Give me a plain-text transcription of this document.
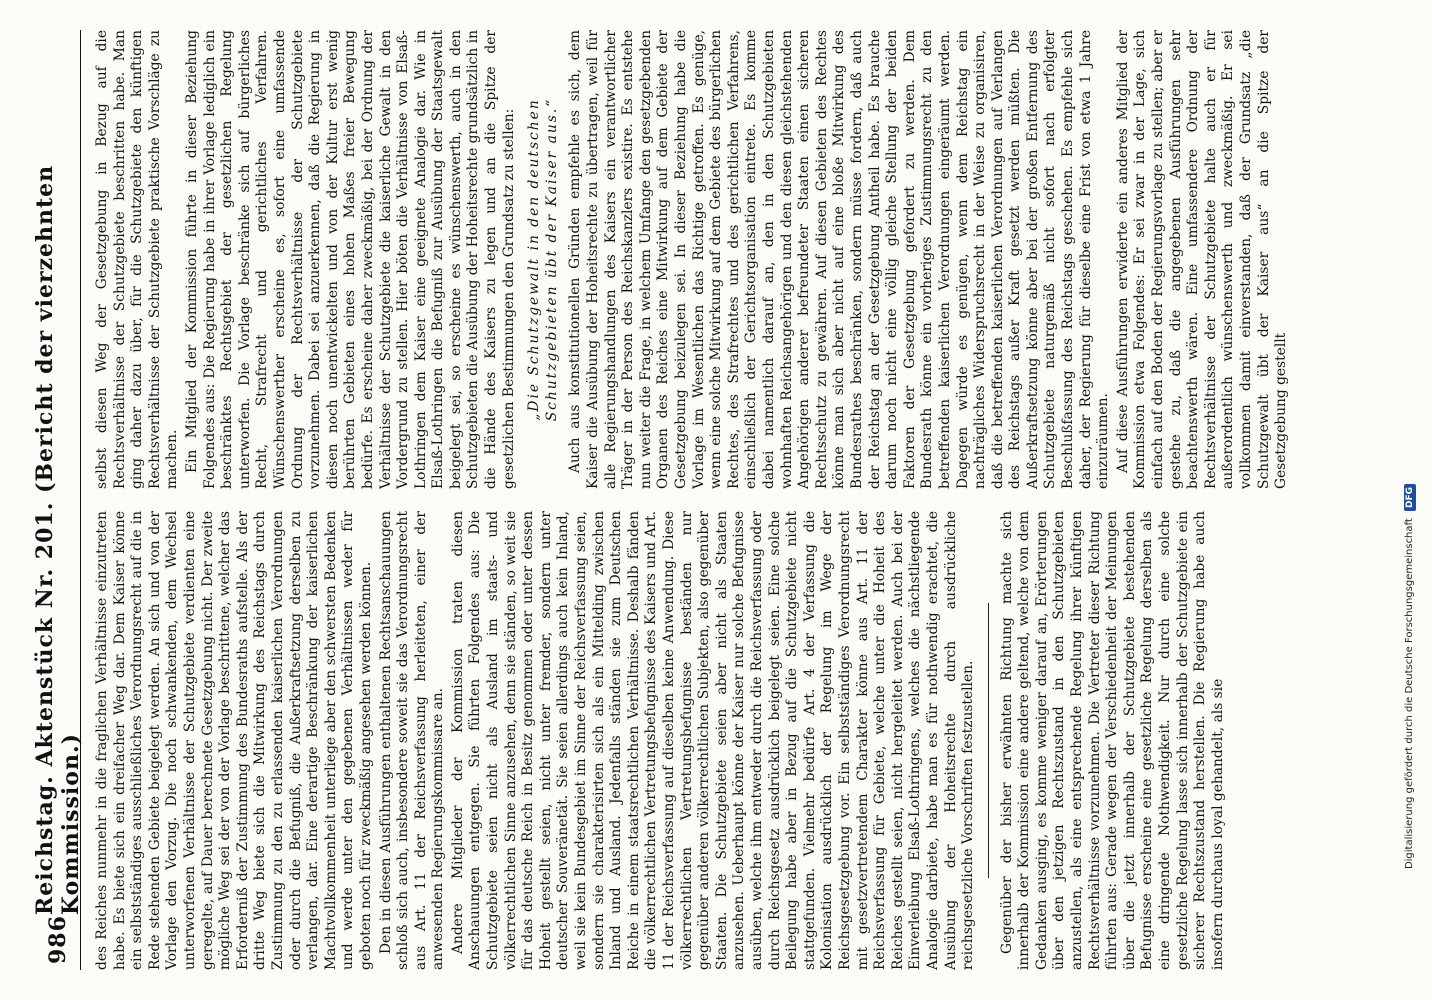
986
Reichstag. Aktenstück Nr. 201. (Bericht der vierzehnten Kommission.) des Reiches nunmehr in die fraglichen Verhältnisse einzutreten habe. Es biete sich ein dreifacher Weg dar. Dem Kaiser könne ein selbstständiges ausschließliches Verordnungsrecht auf die in Rede stehenden Gebiete beigelegt werden. An sich und von der Vorlage den Vorzug. Die noch schwankenden, dem Wechsel unterworfenen Verhältnisse der Schutzgebiete verdienten eine geregelte, auf Dauer berechnete Gesetzgebung nicht. Der zweite mögliche Weg sei der von der Vorlage beschrittene, welcher das Erforderniß der Zustimmung des Bundesraths aufstelle. Als der dritte Weg biete sich die Mitwirkung des Reichstags durch Zustimmung zu den zu erlassenden kaiserlichen Verordnungen oder durch die Befugniß, die Außerkraftsetzung derselben zu verlangen, dar. Eine derartige Beschränkung der kaiserlichen Machtvollkommenheit unterliege aber den schwersten Bedenken und werde unter den gegebenen Verhältnissen weder für geboten noch für zweckmäßig angesehen werden können. Den in diesen Ausführungen enthaltenen Rechtsanschauungen schloß sich auch, insbesondere soweit sie das Verordnungsrecht aus Art. 11 der Reichsverfassung herleiteten, einer der anwesenden Regierungskommissare an. Andere Mitglieder der Kommission traten diesen Anschauungen entgegen. Sie führten Folgendes aus: Die Schutzgebiete seien nicht als Ausland im staats- und völkerrechtlichen Sinne anzusehen, denn sie ständen, so weit sie für das deutsche Reich in Besitz genommen oder unter dessen Hoheit gestellt seien, nicht unter fremder, sondern unter deutscher Souveränetät. Sie seien allerdings auch kein Inland, weil sie kein Bundesgebiet im Sinne der Reichsverfassung seien, sondern sie charakterisirten sich als ein Mittelding zwischen Inland und Ausland. Jedenfalls ständen sie zum Deutschen Reiche in einem staatsrechtlichen Verhältnisse. Deshalb fänden die völkerrechtlichen Vertretungsbefugnisse des Kaisers und Art. 11 der Reichsverfassung auf dieselben keine Anwendung. Diese völkerrechtlichen Vertretungsbefugnisse beständen nur gegenüber anderen völkerrechtlichen Subjekten, also gegenüber Staaten. Die Schutzgebiete seien aber nicht als Staaten anzusehen. Ueberhaupt könne der Kaiser nur solche Befugnisse ausüben, welche ihm entweder durch die Reichsverfassung oder durch Reichsgesetz ausdrücklich beigelegt seien. Eine solche Beilegung habe aber in Bezug auf die Schutzgebiete nicht stattgefunden. Vielmehr bedürfe Art. 4 der Verfassung die Kolonisation ausdrücklich der Regelung im Wege der Reichsgesetzgebung vor. Ein selbstständiges Verordnungsrecht mit gesetzvertretendem Charakter könne aus Art. 11 der Reichsverfassung für Gebiete, welche unter die Hoheit des Reiches gestellt seien, nicht hergeleitet werden. Auch bei der Einverleibung Elsaß-Lothringens, welches die nächstliegende Analogie darbiete, habe man es für nothwendig erachtet, die Ausübung der Hoheitsrechte durch ausdrückliche reichsgesetzliche Vorschriften festzustellen. Gegenüber der bisher erwähnten Richtung machte sich innerhalb der Kommission eine andere geltend, welche von dem Gedanken ausging, es komme weniger darauf an, Erörterungen über den jetzigen Rechtszustand in den Schutzgebieten anzustellen, als eine entsprechende Regelung ihrer künftigen Rechtsverhältnisse vorzunehmen. Die Vertreter dieser Richtung führten aus: Gerade wegen der Verschiedenheit der Meinungen über die jetzt innerhalb der Schutzgebiete bestehenden Befugnisse erscheine eine gesetzliche Regelung derselben als eine dringende Nothwendigkeit. Nur durch eine solche gesetzliche Regelung lasse sich innerhalb der Schutzgebiete ein sicherer Rechtszustand herstellen. Die Regierung habe auch insofern durchaus loyal gehandelt, als sie

selbst diesen Weg der Gesetzgebung in Bezug auf die Rechtsverhältnisse der Schutzgebiete beschritten habe. Man ging daher dazu über, für die Schutzgebiete den künftigen Rechtsverhältnisse der Schutzgebiete praktische Vorschläge zu machen. Ein Mitglied der Kommission führte in dieser Beziehung Folgendes aus: Die Regierung habe in ihrer Vorlage lediglich ein beschränktes Rechtsgebiet der gesetzlichen Regelung unterworfen. Die Vorlage beschränke sich auf bürgerliches Recht, Strafrecht und gerichtliches Verfahren. Wünschenswerther erscheine es, sofort eine umfassende Ordnung der Rechtsverhältnisse der Schutzgebiete vorzunehmen. Dabei sei anzuerkennen, daß die Regierung in diesen noch unentwickelten und von der Kultur erst wenig berührten Gebieten eines hohen Maßes freier Bewegung bedürfe. Es erscheine daher zweckmäßig, bei der Ordnung der Verhältnisse der Schutzgebiete die kaiserliche Gewalt in den Vordergrund zu stellen. Hier böten die Verhältnisse von Elsaß-Lothringen dem Kaiser eine geeignete Analogie dar. Wie in Elsaß-Lothringen die Befugniß zur Ausübung der Staatsgewalt beigelegt sei, so erscheine es wünschenswerth, auch in den Schutzgebieten die Ausübung der Hoheitsrechte grundsätzlich in die Hände des Kaisers zu legen und an die Spitze der gesetzlichen Bestimmungen den Grundsatz zu stellen: „Die Schutzgewalt in den deutschen Schutzgebieten übt der Kaiser aus.“ Auch aus konstitutionellen Gründen empfehle es sich, dem Kaiser die Ausübung der Hoheitsrechte zu übertragen, weil für alle Regierungshandlungen des Kaisers ein verantwortlicher Träger in der Person des Reichskanzlers existire. Es entstehe nun weiter die Frage, in welchem Umfange den gesetzgebenden Organen des Reiches eine Mitwirkung auf dem Gebiete der Gesetzgebung beizulegen sei. In dieser Beziehung habe die Vorlage im Wesentlichen das Richtige getroffen. Es genüge, wenn eine solche Mitwirkung auf dem Gebiete des bürgerlichen Rechtes, des Strafrechtes und des gerichtlichen Verfahrens, einschließlich der Gerichtsorganisation eintrete. Es komme dabei namentlich darauf an, den in den Schutzgebieten wohnhaften Reichsangehörigen und den diesen gleichstehenden Angehörigen anderer befreundeter Staaten einen sicheren Rechtsschutz zu gewähren. Auf diesen Gebieten des Rechtes könne man sich aber nicht auf eine bloße Mitwirkung des Bundesrathes beschränken, sondern müsse fordern, daß auch der Reichstag an der Gesetzgebung Antheil habe. Es brauche darum noch nicht eine völlig gleiche Stellung der beiden Faktoren der Gesetzgebung gefordert zu werden. Dem Bundesrath könne ein vorheriges Zustimmungsrecht zu den betreffenden kaiserlichen Verordnungen eingeräumt werden. Dagegen würde es genügen, wenn dem Reichstag ein nachträgliches Widerspruchsrecht in der Weise zu organisiren, daß die betreffenden kaiserlichen Verordnungen auf Verlangen des Reichstags außer Kraft gesetzt werden müßten. Die Außerkraftsetzung könne aber bei der großen Entfernung des Schutzgebiete naturgemäß nicht sofort nach erfolgter Beschlußfassung des Reichstags geschehen. Es empfehle sich daher, der Regierung für dieselbe eine Frist von etwa 1 Jahre einzuräumen. Auf diese Ausführungen erwiderte ein anderes Mitglied der Kommission etwa Folgendes: Er sei zwar in der Lage, sich einfach auf den Boden der Regierungsvorlage zu stellen; aber er gestehe zu, daß die angegebenen Ausführungen sehr beachtenswerth wären. Eine umfassendere Ordnung der Rechtsverhältnisse der Schutzgebiete halte auch er für außerordentlich wünschenswerth und zweckmäßig. Er sei vollkommen damit einverstanden, daß der Grundsatz „die Schutzgewalt übt der Kaiser aus“ an die Spitze der Gesetzgebung gestellt

Digitalisierung gefördert durch die Deutsche Forschungsgemeinschaft DFG
